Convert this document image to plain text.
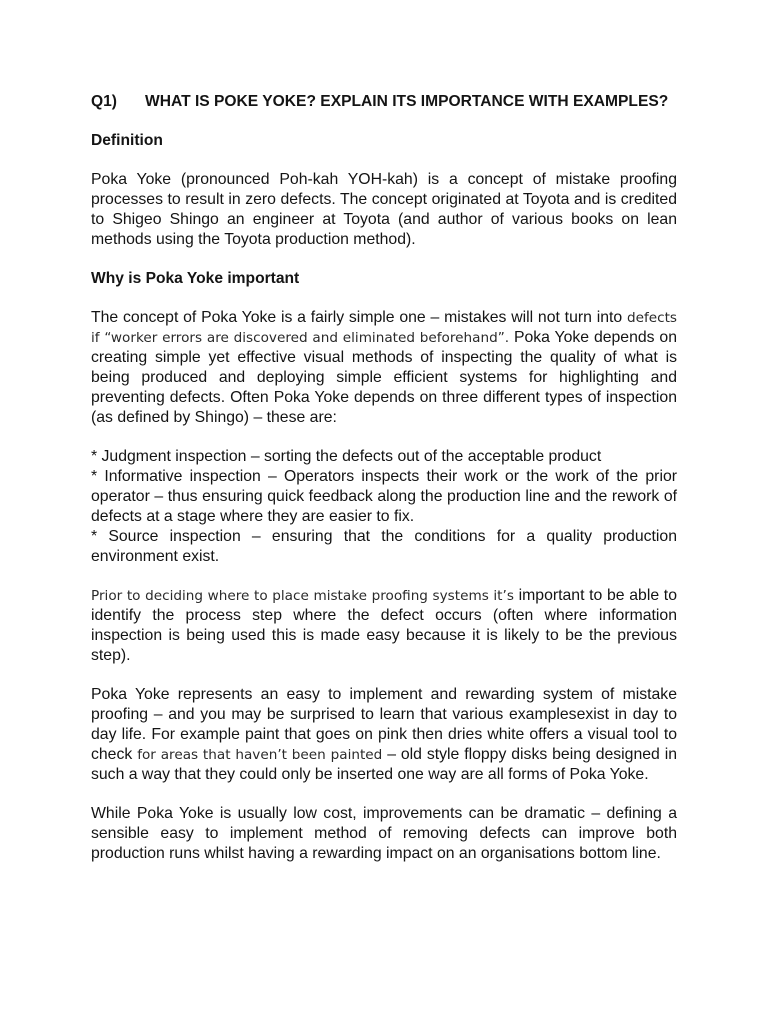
Q1) WHAT IS POKE YOKE? EXPLAIN ITS IMPORTANCE WITH EXAMPLES?

Definition

Poka Yoke (pronounced Poh-kah YOH-kah) is a concept of mistake proofing processes to result in zero defects. The concept originated at Toyota and is credited to Shigeo Shingo an engineer at Toyota (and author of various books on lean methods using the Toyota production method).

Why is Poka Yoke important

The concept of Poka Yoke is a fairly simple one – mistakes will not turn into defects if “worker errors are discovered and eliminated beforehand”. Poka Yoke depends on creating simple yet effective visual methods of inspecting the quality of what is being produced and deploying simple efficient systems for highlighting and preventing defects. Often Poka Yoke depends on three different types of inspection (as defined by Shingo) – these are:

* Judgment inspection – sorting the defects out of the acceptable product

* Informative inspection – Operators inspects their work or the work of the prior operator – thus ensuring quick feedback along the production line and the rework of defects at a stage where they are easier to fix.

* Source inspection – ensuring that the conditions for a quality production environment exist.

Prior to deciding where to place mistake proofing systems it’s important to be able to identify the process step where the defect occurs (often where information inspection is being used this is made easy because it is likely to be the previous step).

Poka Yoke represents an easy to implement and rewarding system of mistake proofing – and you may be surprised to learn that various examplesexist in day to day life. For example paint that goes on pink then dries white offers a visual tool to check for areas that haven’t been painted – old style floppy disks being designed in such a way that they could only be inserted one way are all forms of Poka Yoke.

While Poka Yoke is usually low cost, improvements can be dramatic – defining a sensible easy to implement method of removing defects can improve both production runs whilst having a rewarding impact on an organisations bottom line.
